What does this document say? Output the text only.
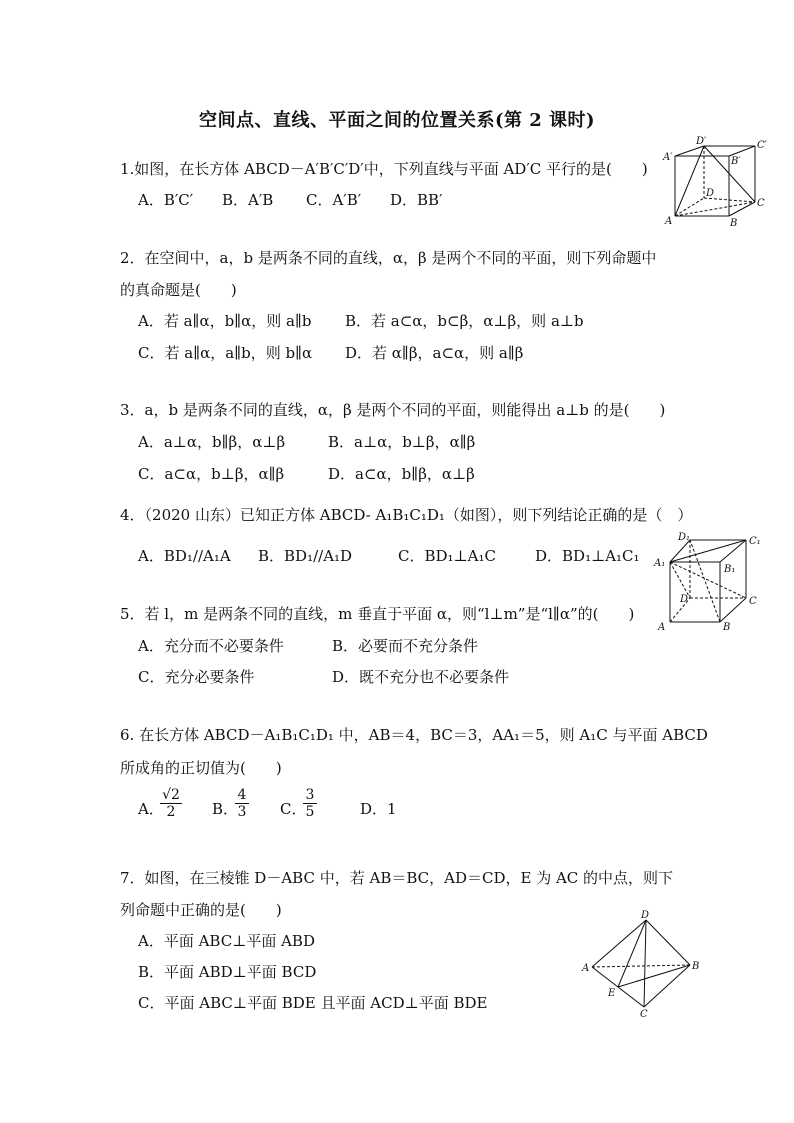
空间点、直线、平面之间的位置关系(第 2 课时)
1.如图，在长方体 ABCD－A′B′C′D′中，下列直线与平面 AD′C 平行的是(　　)
A．B′C′ B．A′B C．A′B′ D．BB′
A	B
C
D
A′	B′
C′
D′
2．在空间中，a，b 是两条不同的直线，α，β 是两个不同的平面，则下列命题中
的真命题是(　　)
A．若 a∥α，b∥α，则 a∥b B．若 a⊂α，b⊂β，α⊥β，则 a⊥b
C．若 a∥α，a∥b，则 b∥α D．若 α∥β，a⊂α，则 a∥β
3．a，b 是两条不同的直线，α，β 是两个不同的平面，则能得出 a⊥b 的是(　　)
A．a⊥α，b∥β，α⊥β	B．a⊥α，b⊥β，α∥β
C．a⊂α，b⊥β，α∥β	D．a⊂α，b∥β，α⊥β
4．（2020 山东）已知正方体 ABCD- A₁B₁C₁D₁（如图），则下列结论正确的是（　）
A．BD₁//A₁A B．BD₁//A₁D	C．BD₁⊥A₁C	D．BD₁⊥A₁C₁
A	B
C
D
A₁
B₁
C₁
D₁
5．若 l，m 是两条不同的直线，m 垂直于平面 α，则“l⊥m”是“l∥α”的(　　)
A．充分而不必要条件	B．必要而不充分条件
C．充分必要条件	D．既不充分也不必要条件
6. 在长方体 ABCD－A₁B₁C₁D₁ 中，AB＝4，BC＝3，AA₁＝5，则 A₁C 与平面 ABCD
所成角的正切值为(　　)
A．
$\frac{√2}{2}$ B．
$\frac{4}{3}$ C．
$\frac{3}{5}$	D．1
7．如图，在三棱锥 D－ABC 中，若 AB＝BC，AD＝CD，E 为 AC 的中点，则下
列命题中正确的是(　　)
A．平面 ABC⊥平面 ABD
B．平面 ABD⊥平面 BCD
C．平面 ABC⊥平面 BDE 且平面 ACD⊥平面 BDE
A	B
C
D
E
